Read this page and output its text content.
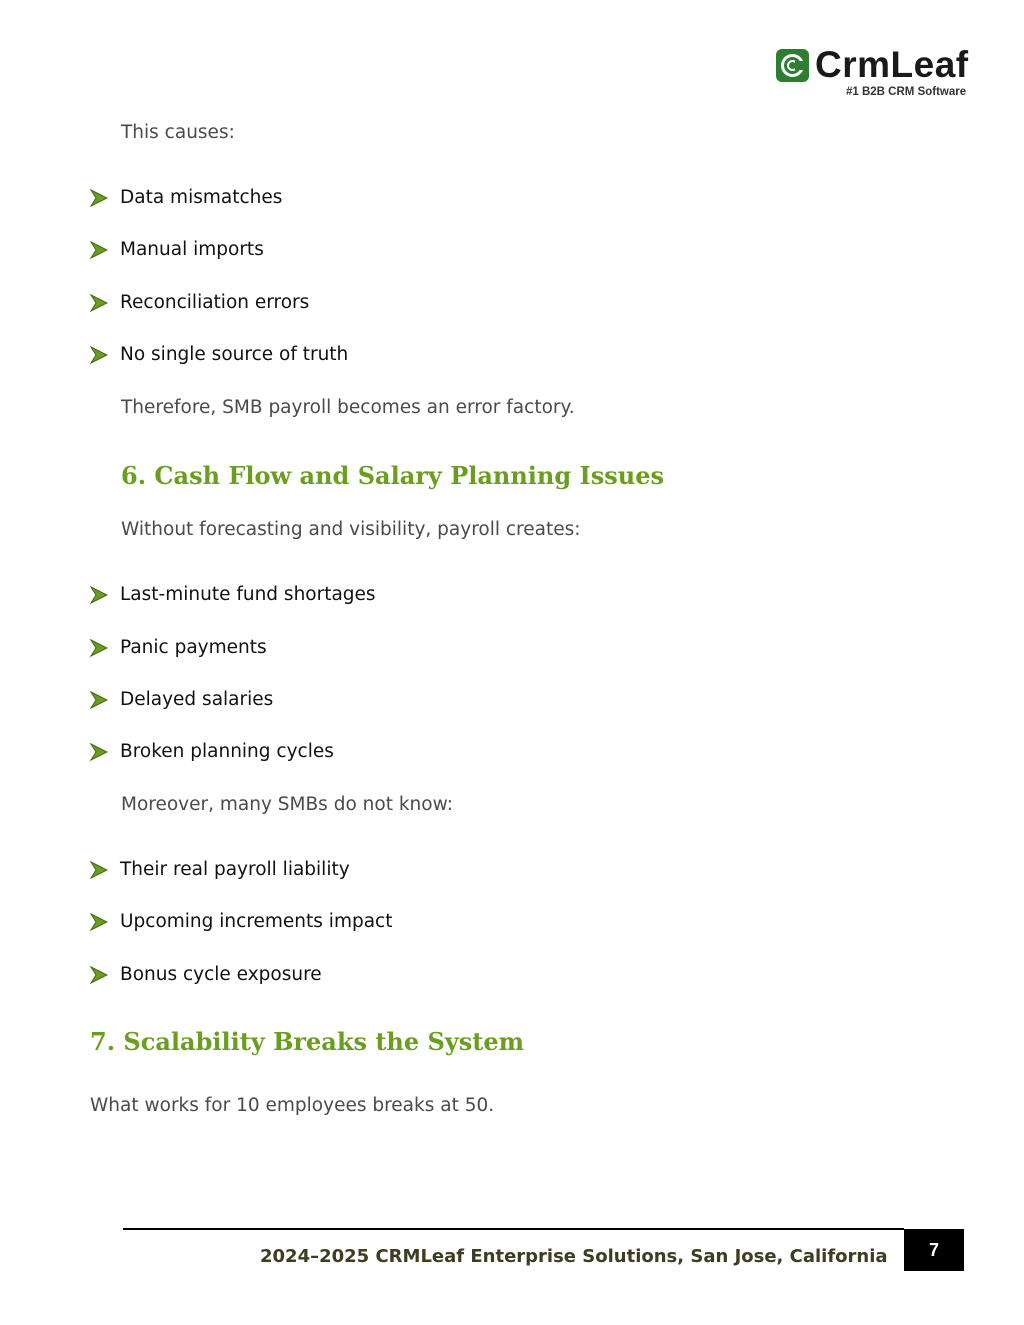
CrmLeaf
#1 B2B CRM Software
This causes:
Data mismatches
Manual imports
Reconciliation errors
No single source of truth
Therefore, SMB payroll becomes an error factory.
6. Cash Flow and Salary Planning Issues
Without forecasting and visibility, payroll creates:
Last-minute fund shortages
Panic payments
Delayed salaries
Broken planning cycles
Moreover, many SMBs do not know:
Their real payroll liability
Upcoming increments impact
Bonus cycle exposure
7. Scalability Breaks the System
What works for 10 employees breaks at 50.
2024–2025 CRMLeaf Enterprise Solutions, San Jose, California	7
